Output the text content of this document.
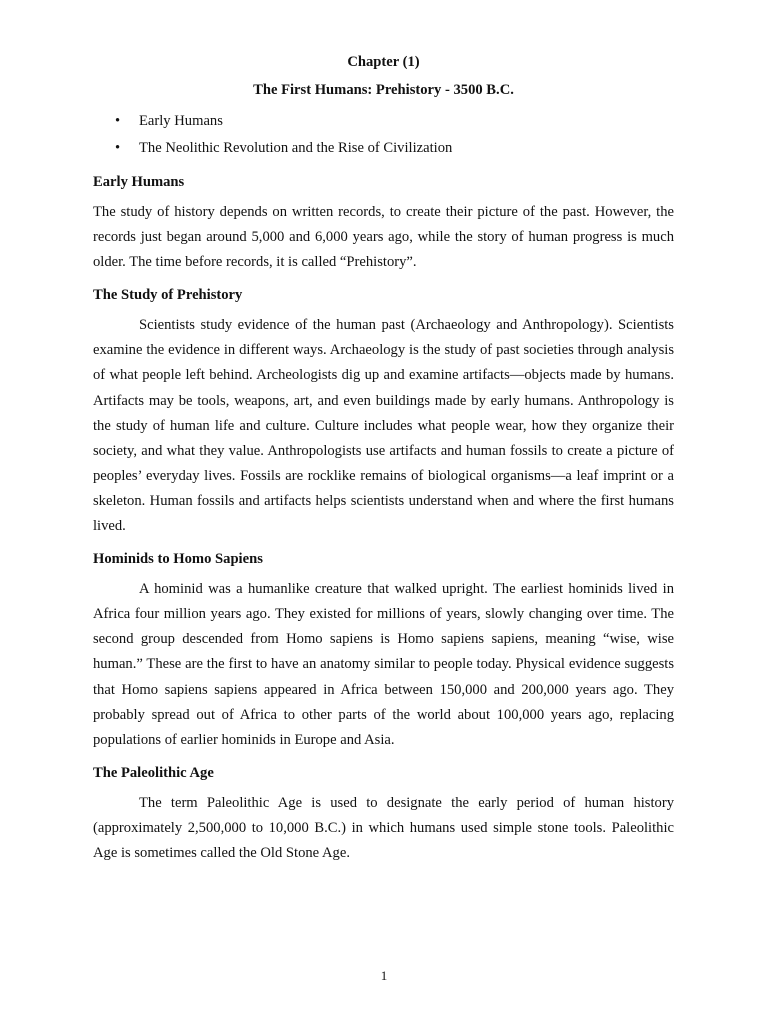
Chapter (1)
The First Humans: Prehistory - 3500 B.C.
• Early Humans
• The Neolithic Revolution and the Rise of Civilization
Early Humans

The study of history depends on written records, to create their picture of the past. However, the records just began around 5,000 and 6,000 years ago, while the story of human progress is much older. The time before records, it is called “Prehistory”.

The Study of Prehistory

Scientists study evidence of the human past (Archaeology and Anthropology). Scientists examine the evidence in different ways. Archaeology is the study of past societies through analysis of what people left behind. Archeologists dig up and examine artifacts—objects made by humans. Artifacts may be tools, weapons, art, and even buildings made by early humans. Anthropology is the study of human life and culture. Culture includes what people wear, how they organize their society, and what they value. Anthropologists use artifacts and human fossils to create a picture of peoples’ everyday lives. Fossils are rocklike remains of biological organisms—a leaf imprint or a skeleton. Human fossils and artifacts helps scientists understand when and where the first humans lived.

Hominids to Homo Sapiens

A hominid was a humanlike creature that walked upright. The earliest hominids lived in Africa four million years ago. They existed for millions of years, slowly changing over time. The second group descended from Homo sapiens is Homo sapiens sapiens, meaning “wise, wise human.” These are the first to have an anatomy similar to people today. Physical evidence suggests that Homo sapiens sapiens appeared in Africa between 150,000 and 200,000 years ago. They probably spread out of Africa to other parts of the world about 100,000 years ago, replacing populations of earlier hominids in Europe and Asia.

The Paleolithic Age

The term Paleolithic Age is used to designate the early period of human history (approximately 2,500,000 to 10,000 B.C.) in which humans used simple stone tools. Paleolithic Age is sometimes called the Old Stone Age.

1
